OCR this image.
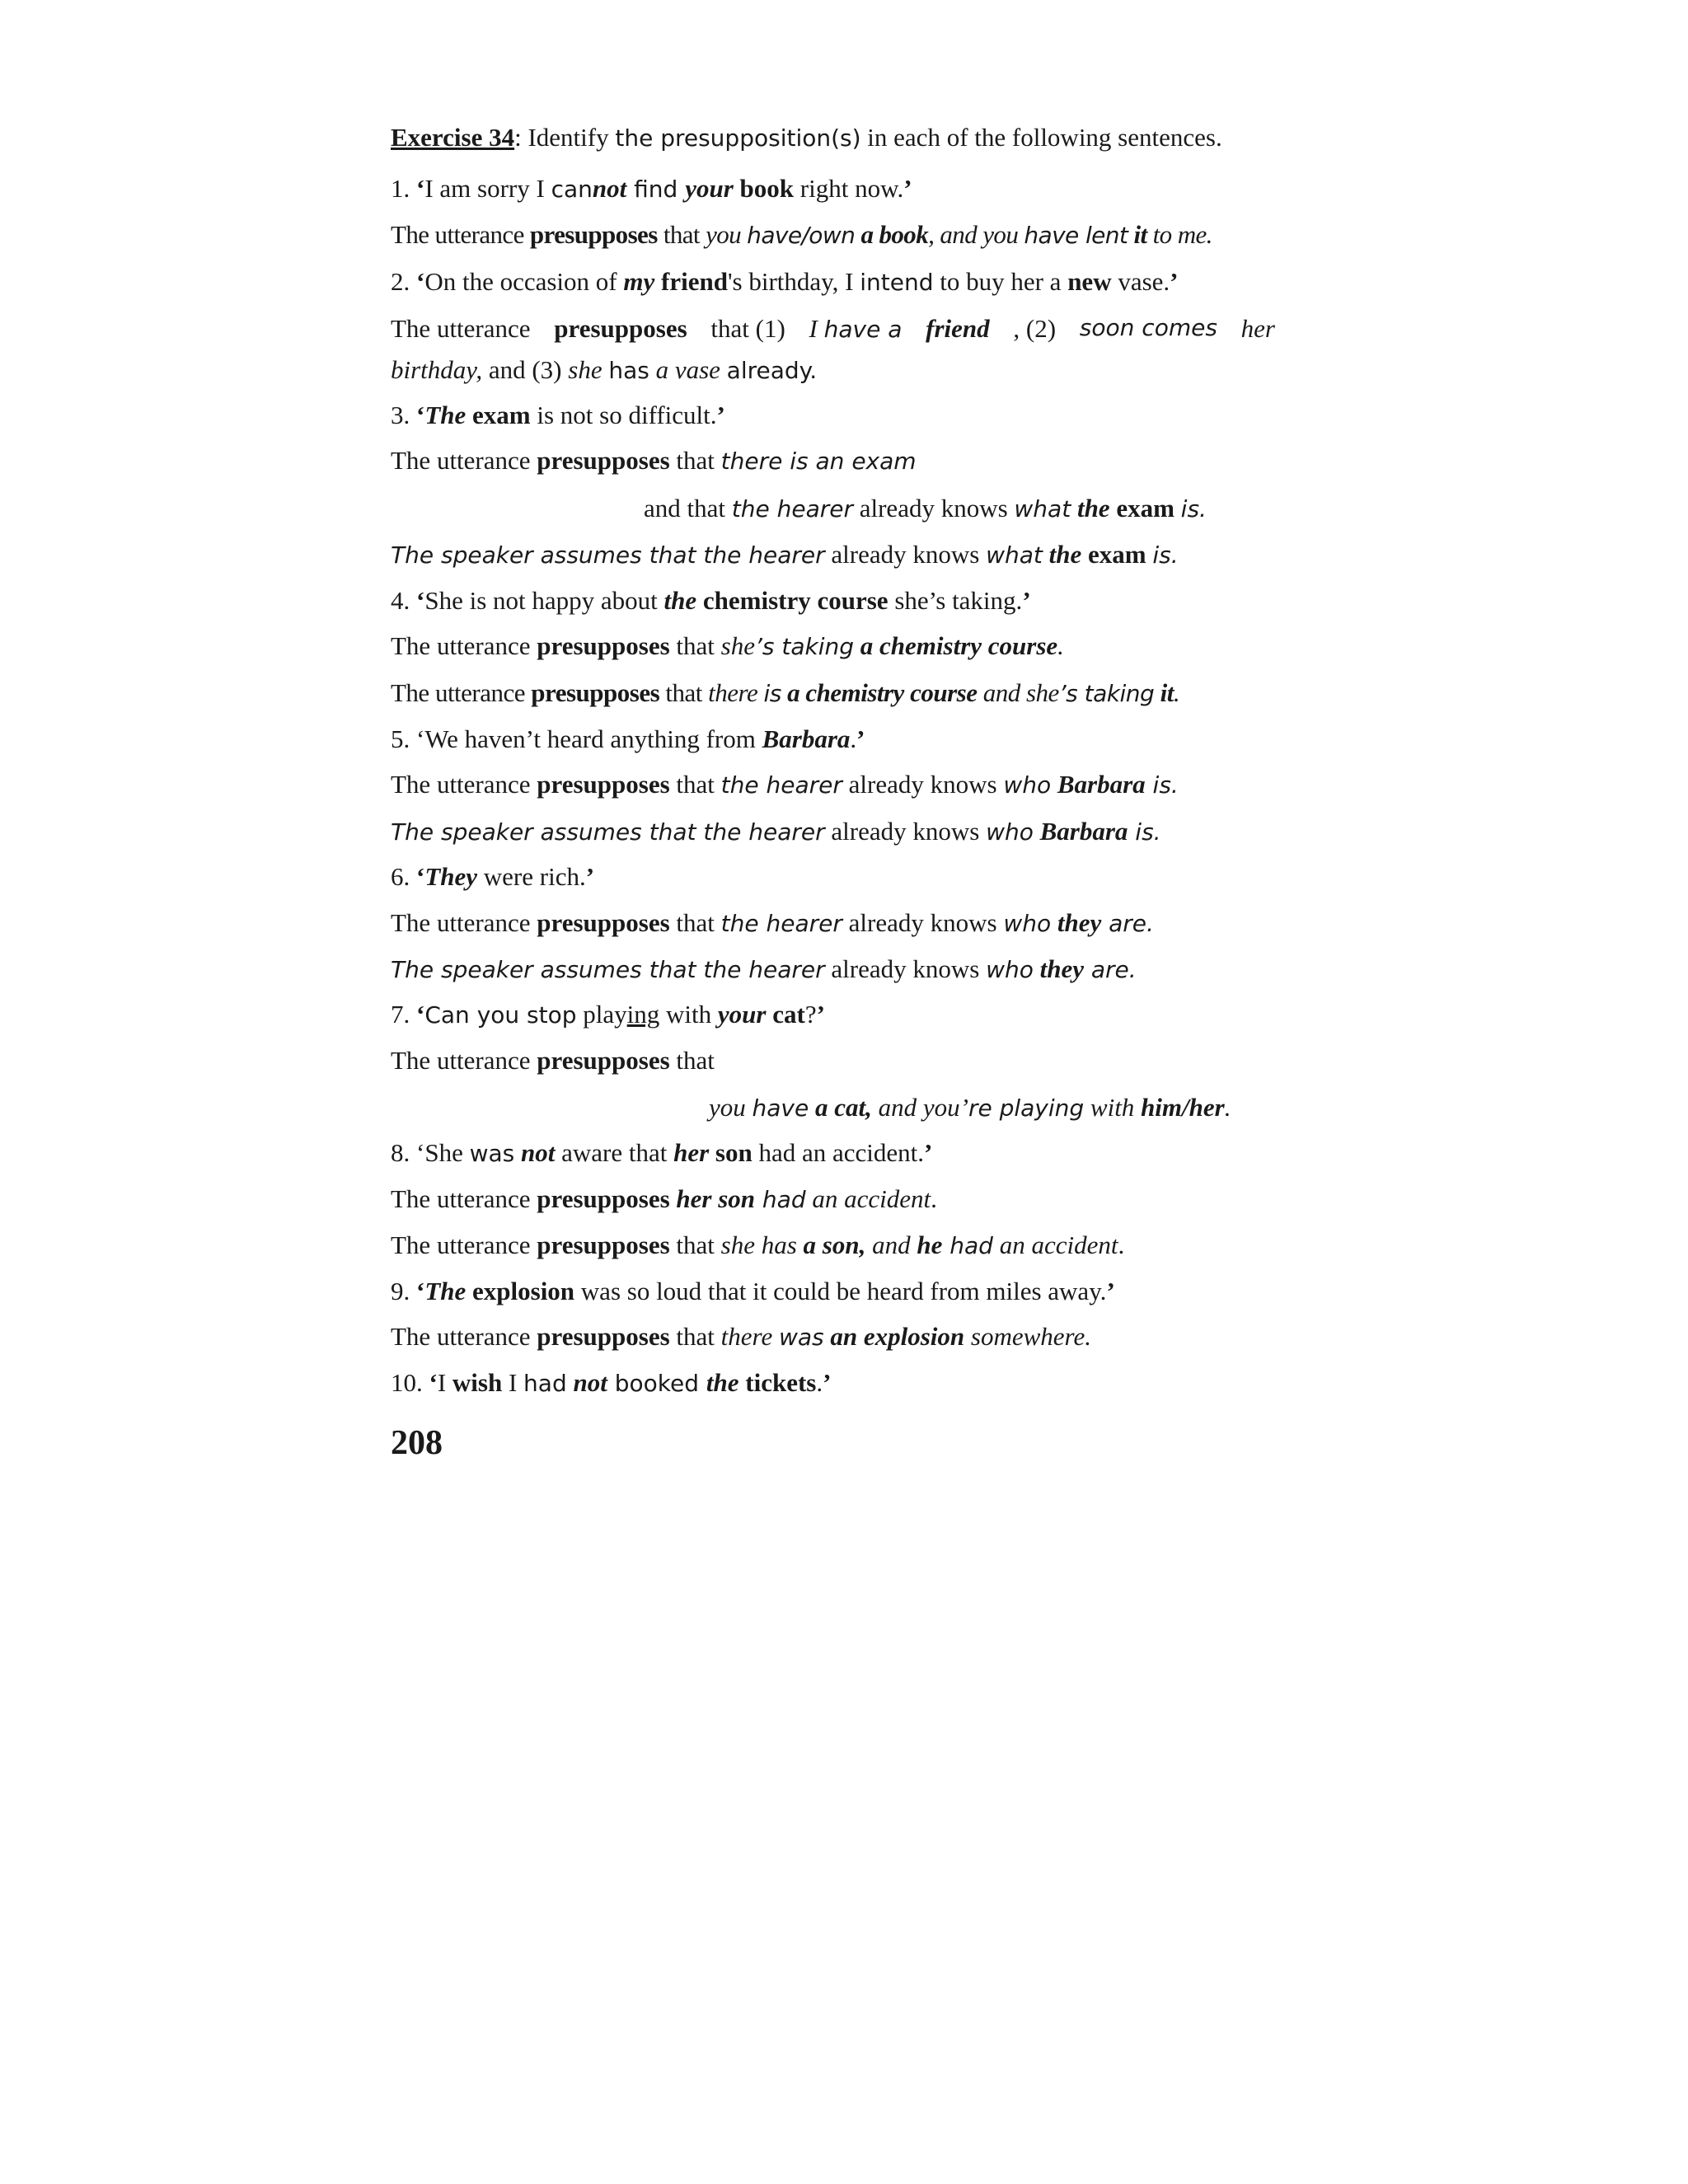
Exercise 34: Identify the presupposition(s) in each of the following sentences.
1. ‘I am sorry I cannot find your book right now.’
The utterance presupposes that you have/own a book, and you have lent it to me.
2. ‘On the occasion of my friend's birthday, I intend to buy her a new vase.’
The utterance presupposes that (1) I have a friend , (2) soon comes her
birthday, and (3) she has a vase already.
3. ‘The exam is not so difficult.’
The utterance presupposes that there is an exam
and that the hearer already knows what the exam is.
The speaker assumes that the hearer already knows what the exam is.
4. ‘She is not happy about the chemistry course she’s taking.’
The utterance presupposes that she’s taking a chemistry course.
The utterance presupposes that there is a chemistry course and she’s taking it.
5. ‘We haven’t heard anything from Barbara.’
The utterance presupposes that the hearer already knows who Barbara is.
The speaker assumes that the hearer already knows who Barbara is.
6. ‘They were rich.’
The utterance presupposes that the hearer already knows who they are.
The speaker assumes that the hearer already knows who they are.
7. ‘Can you stop playing with your cat?’
The utterance presupposes that
you have a cat, and you’re playing with him/her.
8. ‘She was not aware that her son had an accident.’
The utterance presupposes her son had an accident.
The utterance presupposes that she has a son, and he had an accident.
9. ‘The explosion was so loud that it could be heard from miles away.’
The utterance presupposes that there was an explosion somewhere.
10. ‘I wish I had not booked the tickets.’
208
